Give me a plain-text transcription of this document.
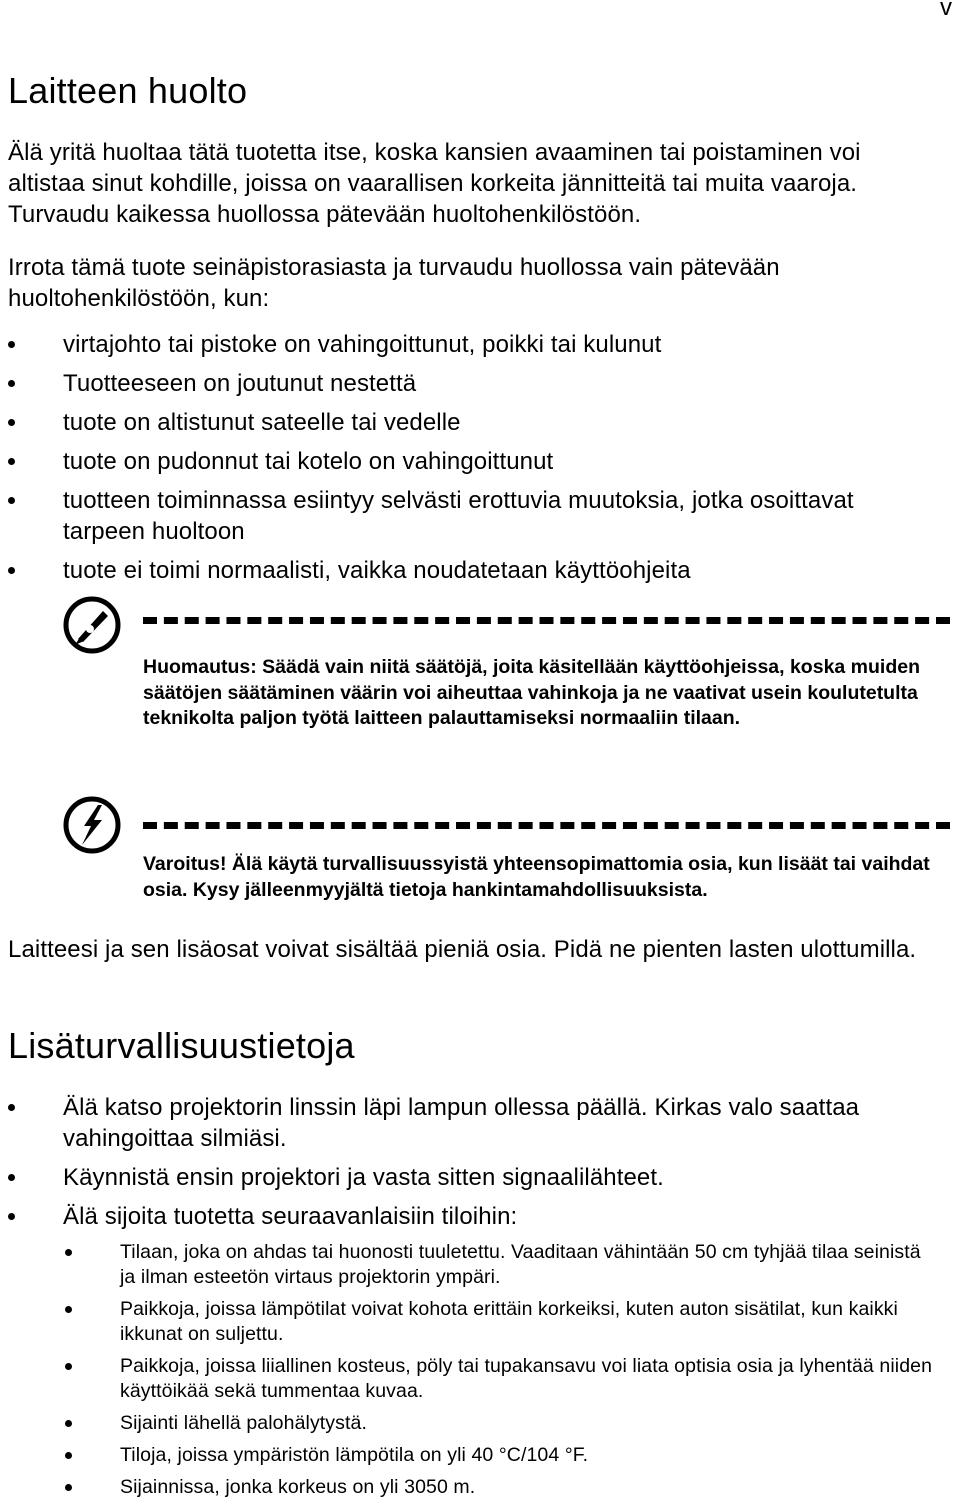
v
Laitteen huolto

Älä yritä huoltaa tätä tuotetta itse, koska kansien avaaminen tai poistaminen voi altistaa sinut kohdille, joissa on vaarallisen korkeita jännitteitä tai muita vaaroja. Turvaudu kaikessa huollossa pätevään huoltohenkilöstöön.

Irrota tämä tuote seinäpistorasiasta ja turvaudu huollossa vain pätevään huoltohenkilöstöön, kun:

virtajohto tai pistoke on vahingoittunut, poikki tai kulunut
Tuotteeseen on joutunut nestettä
tuote on altistunut sateelle tai vedelle
tuote on pudonnut tai kotelo on vahingoittunut
tuotteen toiminnassa esiintyy selvästi erottuvia muutoksia, jotka osoittavat tarpeen huoltoon
tuote ei toimi normaalisti, vaikka noudatetaan käyttöohjeita

Huomautus: Säädä vain niitä säätöjä, joita käsitellään käyttöohjeissa, koska muiden säätöjen säätäminen väärin voi aiheuttaa vahinkoja ja ne vaativat usein koulutetulta teknikolta paljon työtä laitteen palauttamiseksi normaaliin tilaan.

Varoitus! Älä käytä turvallisuussyistä yhteensopimattomia osia, kun lisäät tai vaihdat osia. Kysy jälleenmyyjältä tietoja hankintamahdollisuuksista.

Laitteesi ja sen lisäosat voivat sisältää pieniä osia. Pidä ne pienten lasten ulottumilla.

Lisäturvallisuustietoja
Älä katso projektorin linssin läpi lampun ollessa päällä. Kirkas valo saattaa vahingoittaa silmiäsi.
Käynnistä ensin projektori ja vasta sitten signaalilähteet.
Älä sijoita tuotetta seuraavanlaisiin tiloihin:
Tilaan, joka on ahdas tai huonosti tuuletettu. Vaaditaan vähintään 50 cm tyhjää tilaa seinistä ja ilman esteetön virtaus projektorin ympäri.
Paikkoja, joissa lämpötilat voivat kohota erittäin korkeiksi, kuten auton sisätilat, kun kaikki ikkunat on suljettu.
Paikkoja, joissa liiallinen kosteus, pöly tai tupakansavu voi liata optisia osia ja lyhentää niiden käyttöikää sekä tummentaa kuvaa.
Sijainti lähellä palohälytystä.
Tiloja, joissa ympäristön lämpötila on yli 40 °C/104 °F.
Sijainnissa, jonka korkeus on yli 3050 m.
